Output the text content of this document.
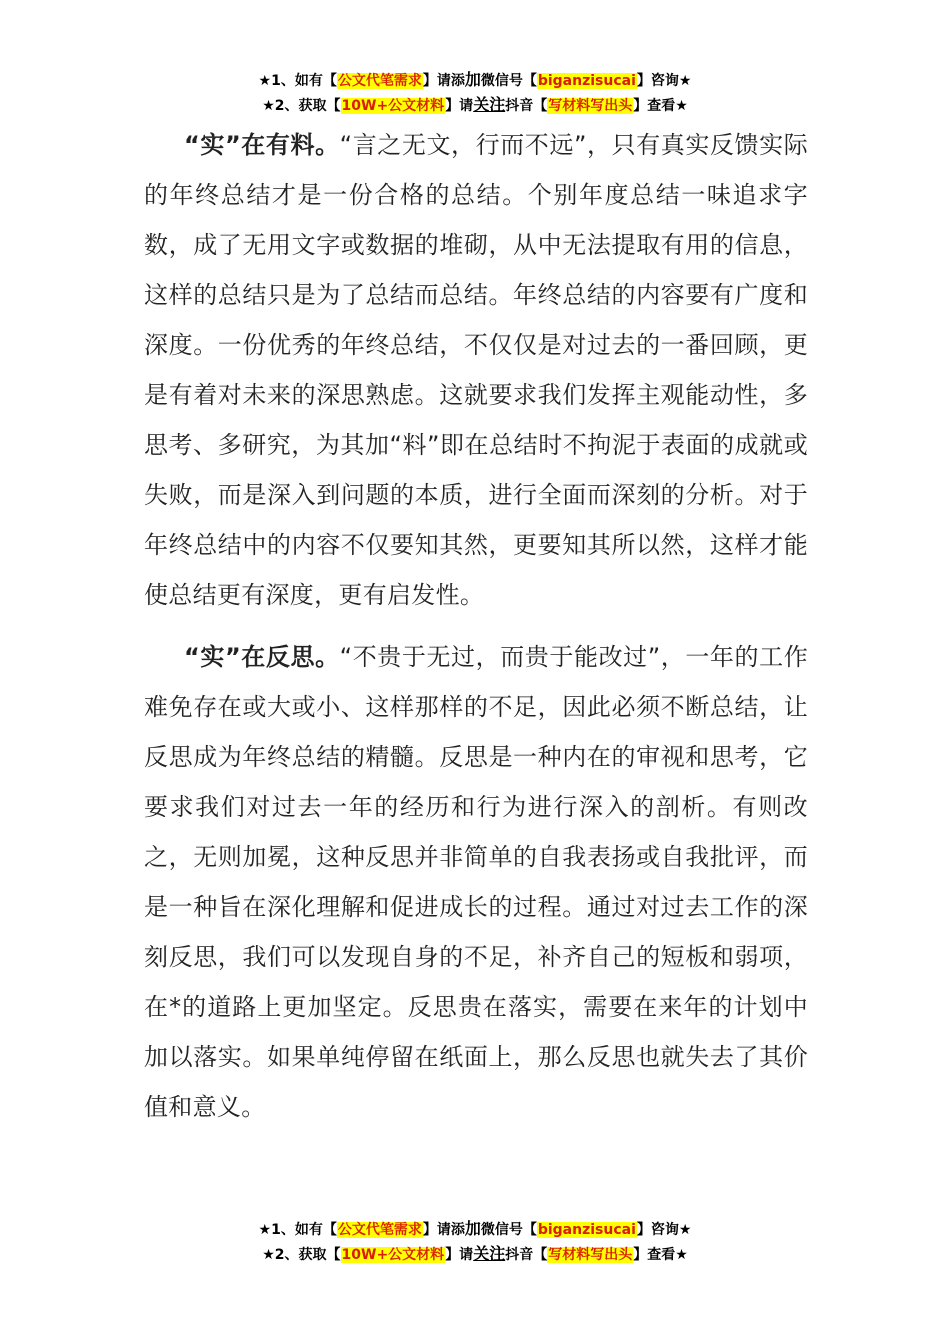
★1、如有【公文代笔需求】请添加微信号【biganzisucai】咨询★
★2、获取【10W+公文材料】请关注抖音【写材料写出头】查看★

“实”在有料。“言之无文，行而不远”，只有真实反馈实际的年终总结才是一份合格的总结。个别年度总结一味追求字数，成了无用文字或数据的堆砌，从中无法提取有用的信息，这样的总结只是为了总结而总结。年终总结的内容要有广度和深度。一份优秀的年终总结，不仅仅是对过去的一番回顾，更是有着对未来的深思熟虑。这就要求我们发挥主观能动性，多思考、多研究，为其加“料”即在总结时不拘泥于表面的成就或失败，而是深入到问题的本质，进行全面而深刻的分析。对于年终总结中的内容不仅要知其然，更要知其所以然，这样才能使总结更有深度，更有启发性。

“实”在反思。“不贵于无过，而贵于能改过”，一年的工作难免存在或大或小、这样那样的不足，因此必须不断总结，让反思成为年终总结的精髓。反思是一种内在的审视和思考，它要求我们对过去一年的经历和行为进行深入的剖析。有则改之，无则加冕，这种反思并非简单的自我表扬或自我批评，而是一种旨在深化理解和促进成长的过程。通过对过去工作的深刻反思，我们可以发现自身的不足，补齐自己的短板和弱项，在*的道路上更加坚定。反思贵在落实，需要在来年的计划中加以落实。如果单纯停留在纸面上，那么反思也就失去了其价值和意义。

★1、如有【公文代笔需求】请添加微信号【biganzisucai】咨询★
★2、获取【10W+公文材料】请关注抖音【写材料写出头】查看★
